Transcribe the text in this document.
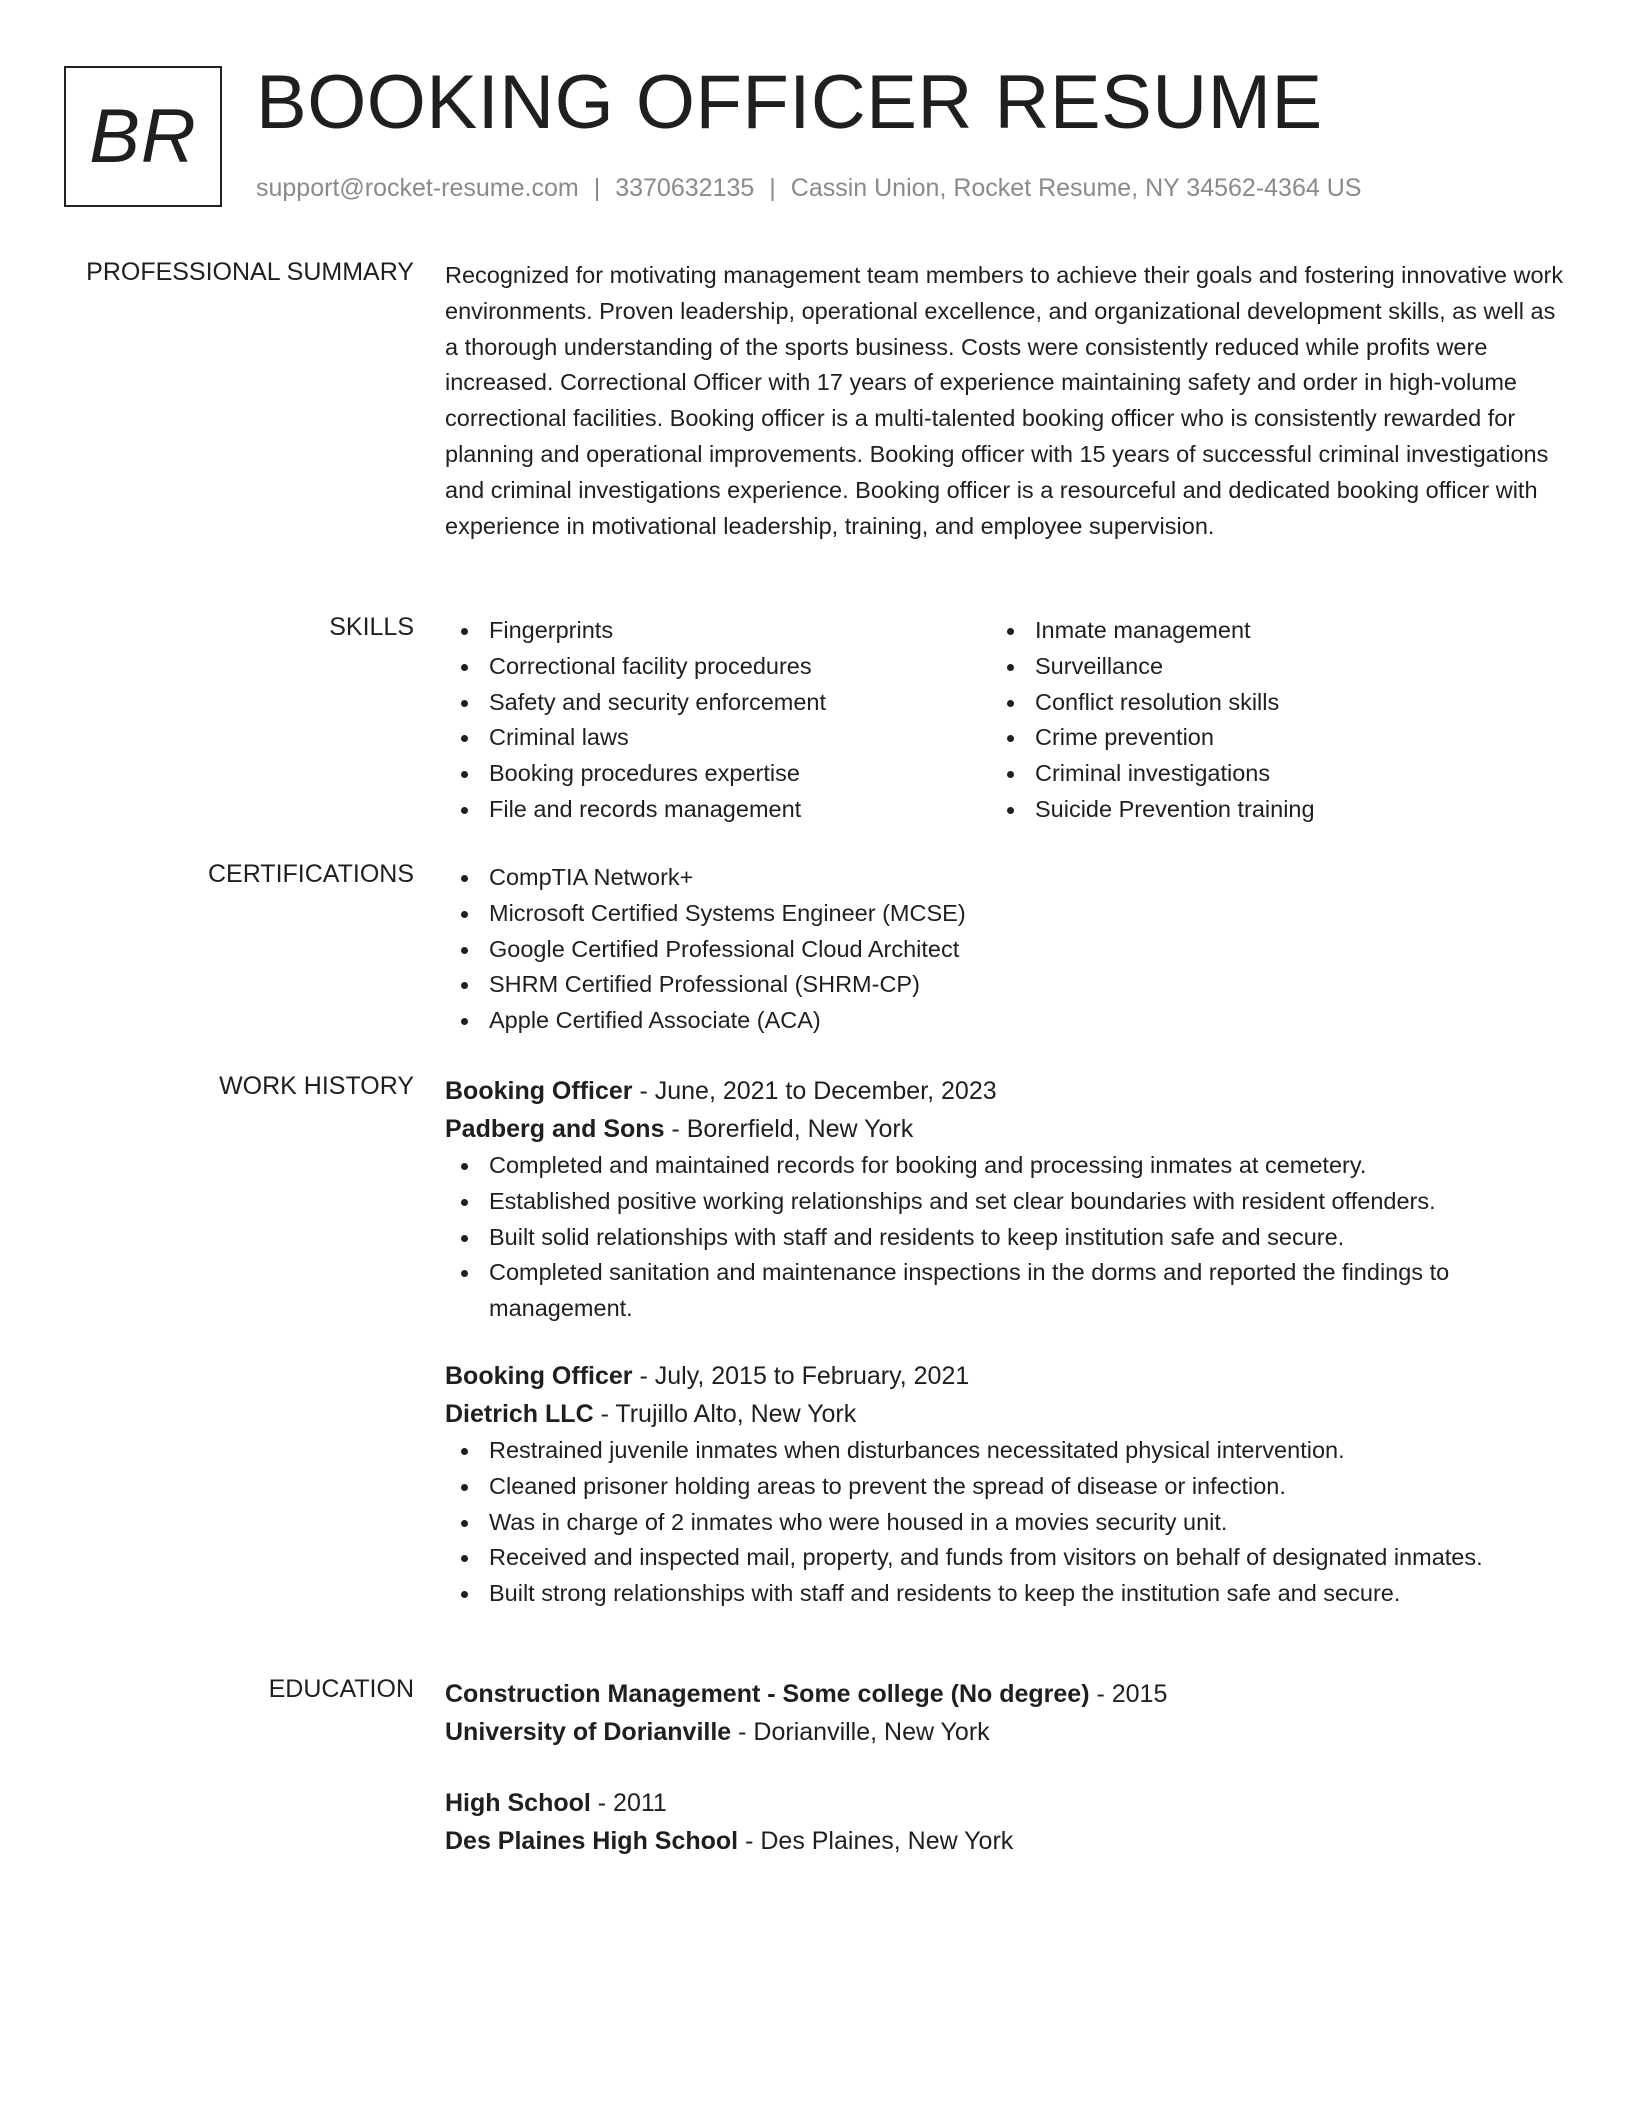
BR BOOKING OFFICER RESUME
support@rocket-resume.com | 3370632135 | Cassin Union, Rocket Resume, NY 34562-4364 US
PROFESSIONAL SUMMARY Recognized for motivating management team members to achieve their goals and fostering innovative work environments. Proven leadership, operational excellence, and organizational development skills, as well as a thorough understanding of the sports business. Costs were consistently reduced while profits were increased. Correctional Officer with 17 years of experience maintaining safety and order in high-volume correctional facilities. Booking officer is a multi-talented booking officer who is consistently rewarded for planning and operational improvements. Booking officer with 15 years of successful criminal investigations and criminal investigations experience. Booking officer is a resourceful and dedicated booking officer with experience in motivational leadership, training, and employee supervision.

SKILLS	Fingerprints
Correctional facility procedures
Safety and security enforcement
Criminal laws
Booking procedures expertise
File and records management
Inmate management
Surveillance
Conflict resolution skills
Crime prevention
Criminal investigations
Suicide Prevention training
CERTIFICATIONS	CompTIA Network+
Microsoft Certified Systems Engineer (MCSE)
Google Certified Professional Cloud Architect
SHRM Certified Professional (SHRM-CP)
Apple Certified Associate (ACA)
WORK HISTORY Booking Officer - June, 2021 to December, 2023
Padberg and Sons - Borerfield, New York
Completed and maintained records for booking and processing inmates at cemetery.
Established positive working relationships and set clear boundaries with resident offenders.
Built solid relationships with staff and residents to keep institution safe and secure.
Completed sanitation and maintenance inspections in the dorms and reported the findings to management.
Booking Officer - July, 2015 to February, 2021
Dietrich LLC - Trujillo Alto, New York
Restrained juvenile inmates when disturbances necessitated physical intervention.
Cleaned prisoner holding areas to prevent the spread of disease or infection.
Was in charge of 2 inmates who were housed in a movies security unit.
Received and inspected mail, property, and funds from visitors on behalf of designated inmates.
Built strong relationships with staff and residents to keep the institution safe and secure.
EDUCATION Construction Management - Some college (No degree) - 2015
University of Dorianville - Dorianville, New York
High School - 2011
Des Plaines High School - Des Plaines, New York
